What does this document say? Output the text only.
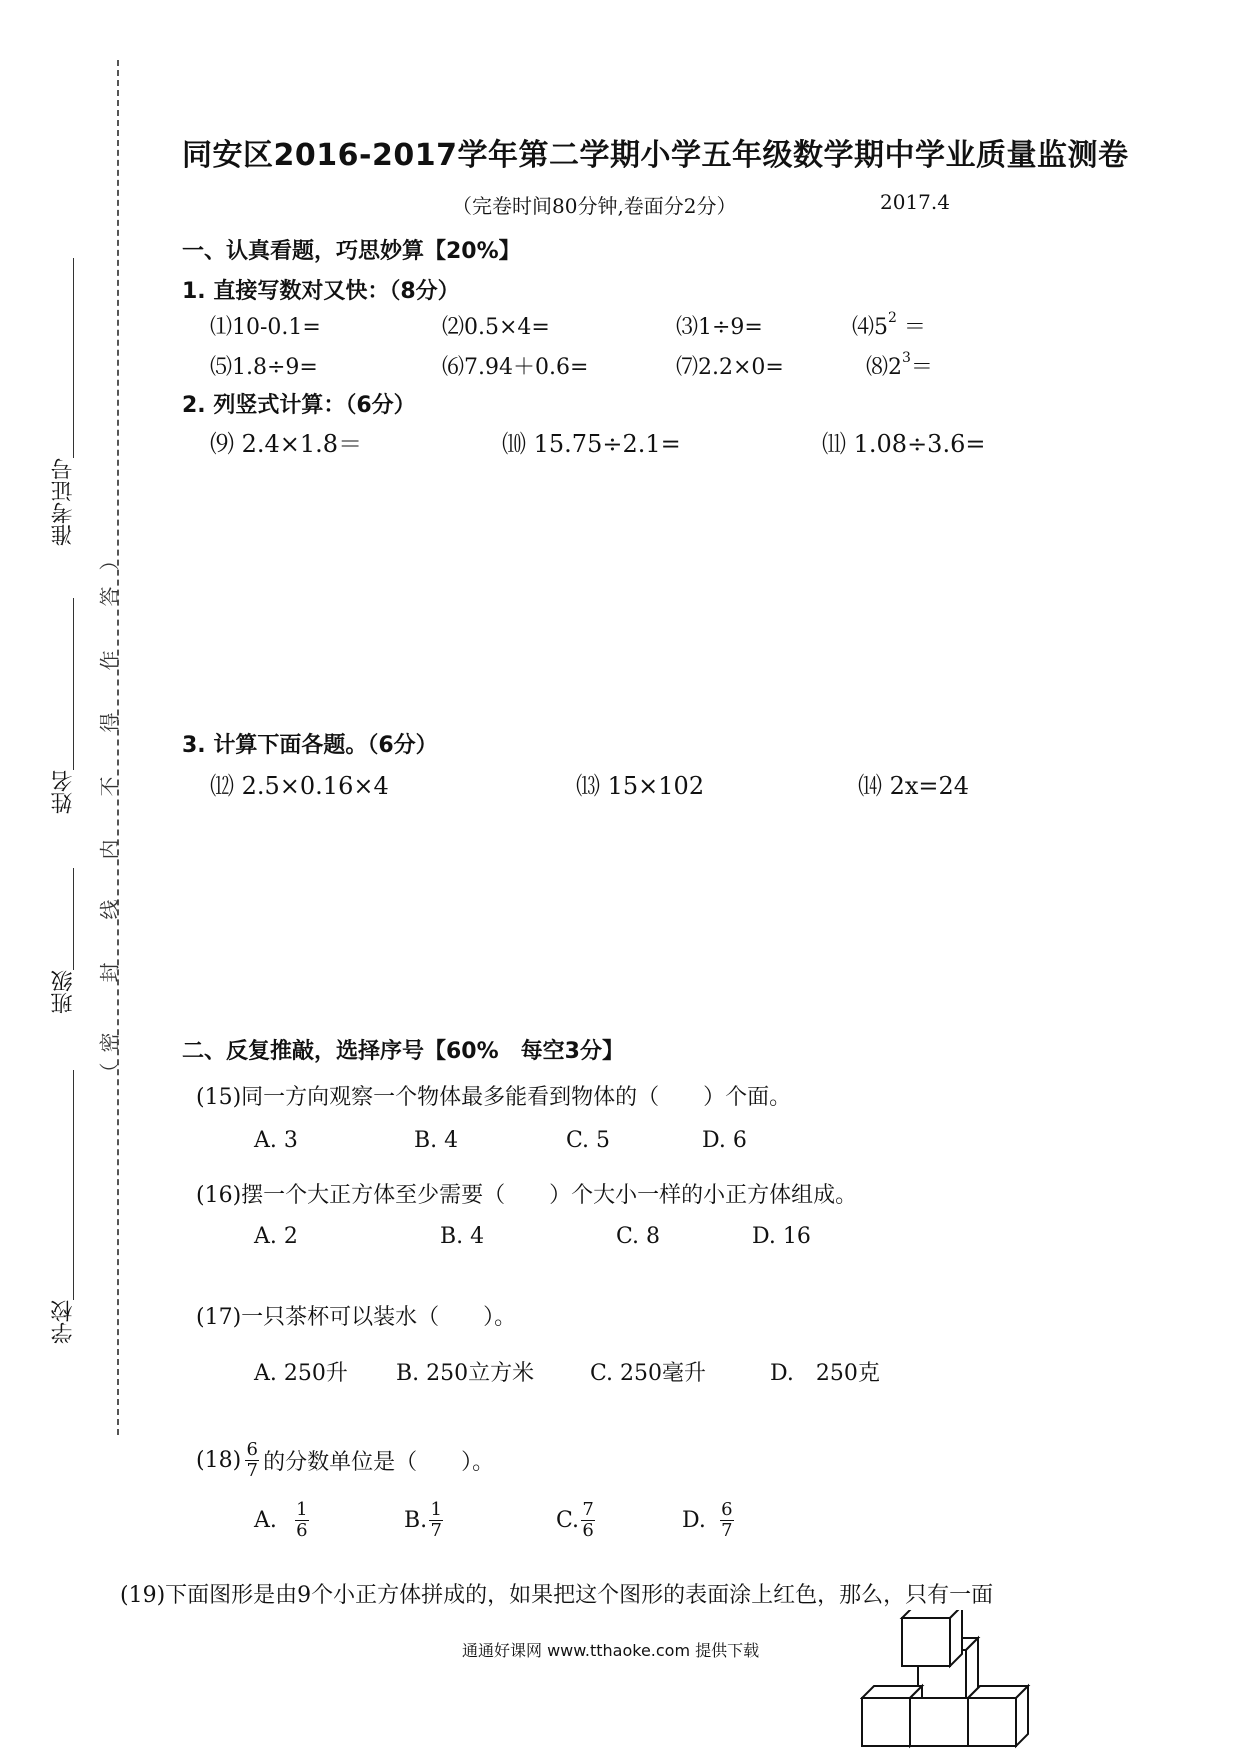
准考证号
姓名
班级
学校
（
密
封
线
内
不
得
作
答
）
同安区2016-2017学年第二学期小学五年级数学期中学业质量监测卷
（完卷时间80分钟,卷面分2分）	2017.4
一、认真看题，巧思妙算【20%】
1. 直接写数对又快：（8分）
⑴10-0.1=	⑵0.5×4=	⑶1÷9=	$⑷5^2$ ＝
⑸1.8÷9=	⑹7.94＋0.6=	⑺2.2×0=	$⑻2^3=$
2. 列竖式计算：（6分）
⑼ 2.4×1.8＝	⑽ 15.75÷2.1=	⑾ 1.08÷3.6=
3. 计算下面各题。（6分）
⑿ 2.5×0.16×4	⒀ 15×102	⒁ 2x=24
二、反复推敲，选择序号【60%　每空3分】
(15)同一方向观察一个物体最多能看到物体的（　　）个面。
A. 3	B. 4	C. 5	D. 6
(16)摆一个大正方体至少需要（　　）个大小一样的小正方体组成。
A. 2	B. 4	C. 8	D. 16
(17)一只茶杯可以装水（　　）。
A. 250升 B. 250立方米	C. 250毫升	D.　250克
$(18) \frac{6}{7}$ 的分数单位是（　　）。
A. $\frac{1}{6}$	B. $\frac{1}{7}$	C. $\frac{7}{6}$	D. $\frac{6}{7}$
(19)下面图形是由9个小正方体拼成的，如果把这个图形的表面涂上红色，那么，只有一面
通通好课网 www.tthaoke.com 提供下载
